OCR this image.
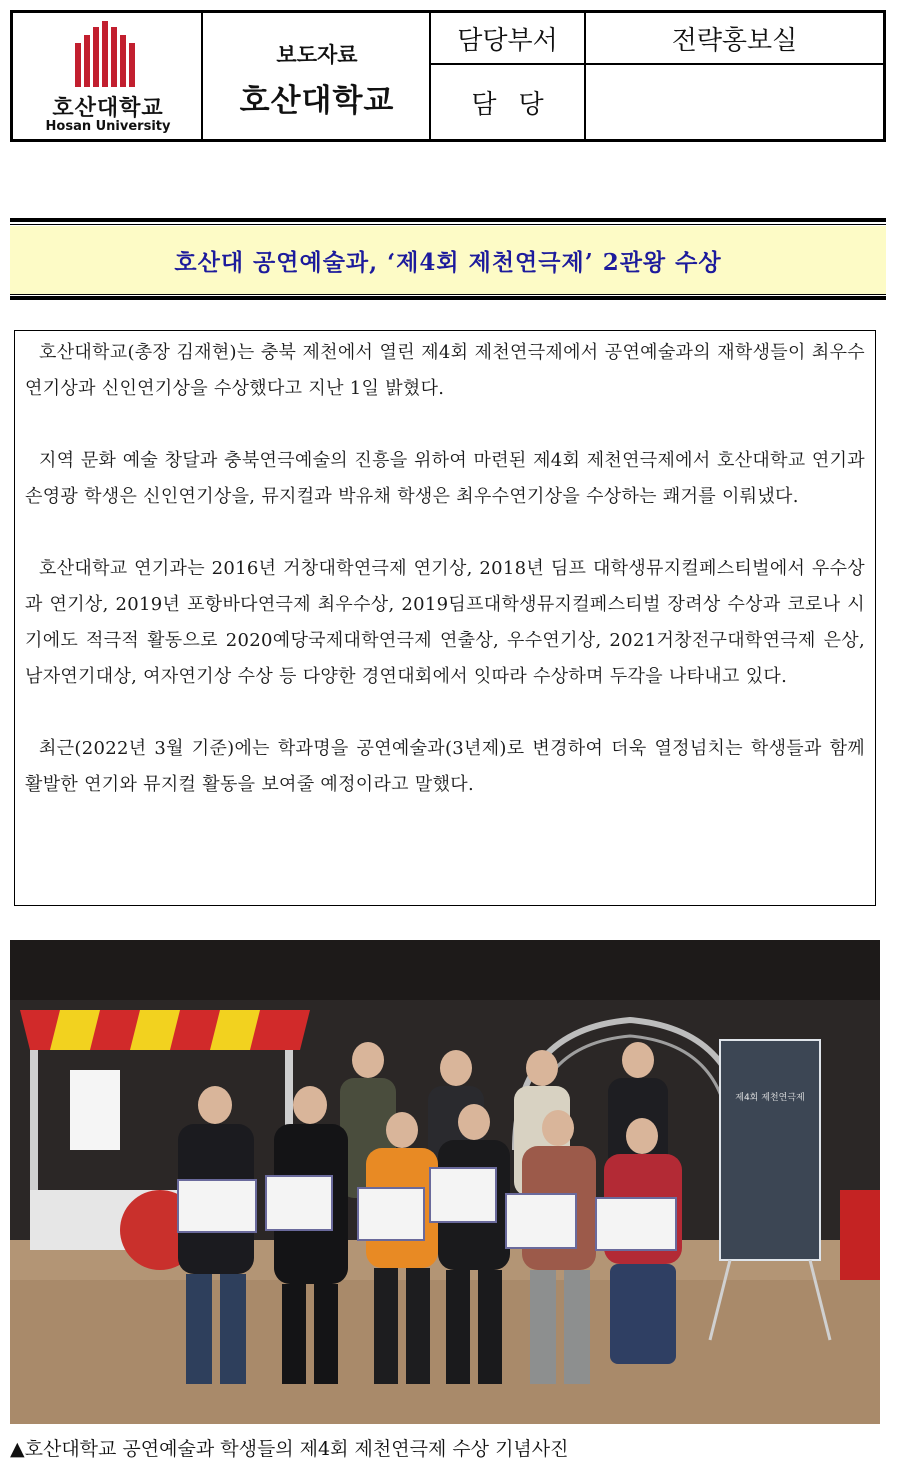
호산대학교
Hosan University
보도자료
호산대학교
담당부서	전략홍보실
담당
호산대 공연예술과, ‘제4회 제천연극제’ 2관왕 수상

호산대학교(총장 김재현)는 충북 제천에서 열린 제4회 제천연극제에서 공연예술과의 재학생들이 최우수연기상과 신인연기상을 수상했다고 지난 1일 밝혔다.

지역 문화 예술 창달과 충북연극예술의 진흥을 위하여 마련된 제4회 제천연극제에서 호산대학교 연기과 손영광 학생은 신인연기상을, 뮤지컬과 박유채 학생은 최우수연기상을 수상하는 쾌거를 이뤄냈다.

호산대학교 연기과는 2016년 거창대학연극제 연기상, 2018년 딤프 대학생뮤지컬페스티벌에서 우수상과 연기상, 2019년 포항바다연극제 최우수상, 2019딤프대학생뮤지컬페스티벌 장려상 수상과 코로나 시기에도 적극적 활동으로 2020예당국제대학연극제 연출상, 우수연기상, 2021거창전구대학연극제 은상, 남자연기대상, 여자연기상 수상 등 다양한 경연대회에서 잇따라 수상하며 두각을 나타내고 있다.

최근(2022년 3월 기준)에는 학과명을 공연예술과(3년제)로 변경하여 더욱 열정넘치는 학생들과 함께 활발한 연기와 뮤지컬 활동을 보여줄 예정이라고 말했다.

제4회 제천연극제
▲호산대학교 공연예술과 학생들의 제4회 제천연극제 수상 기념사진
